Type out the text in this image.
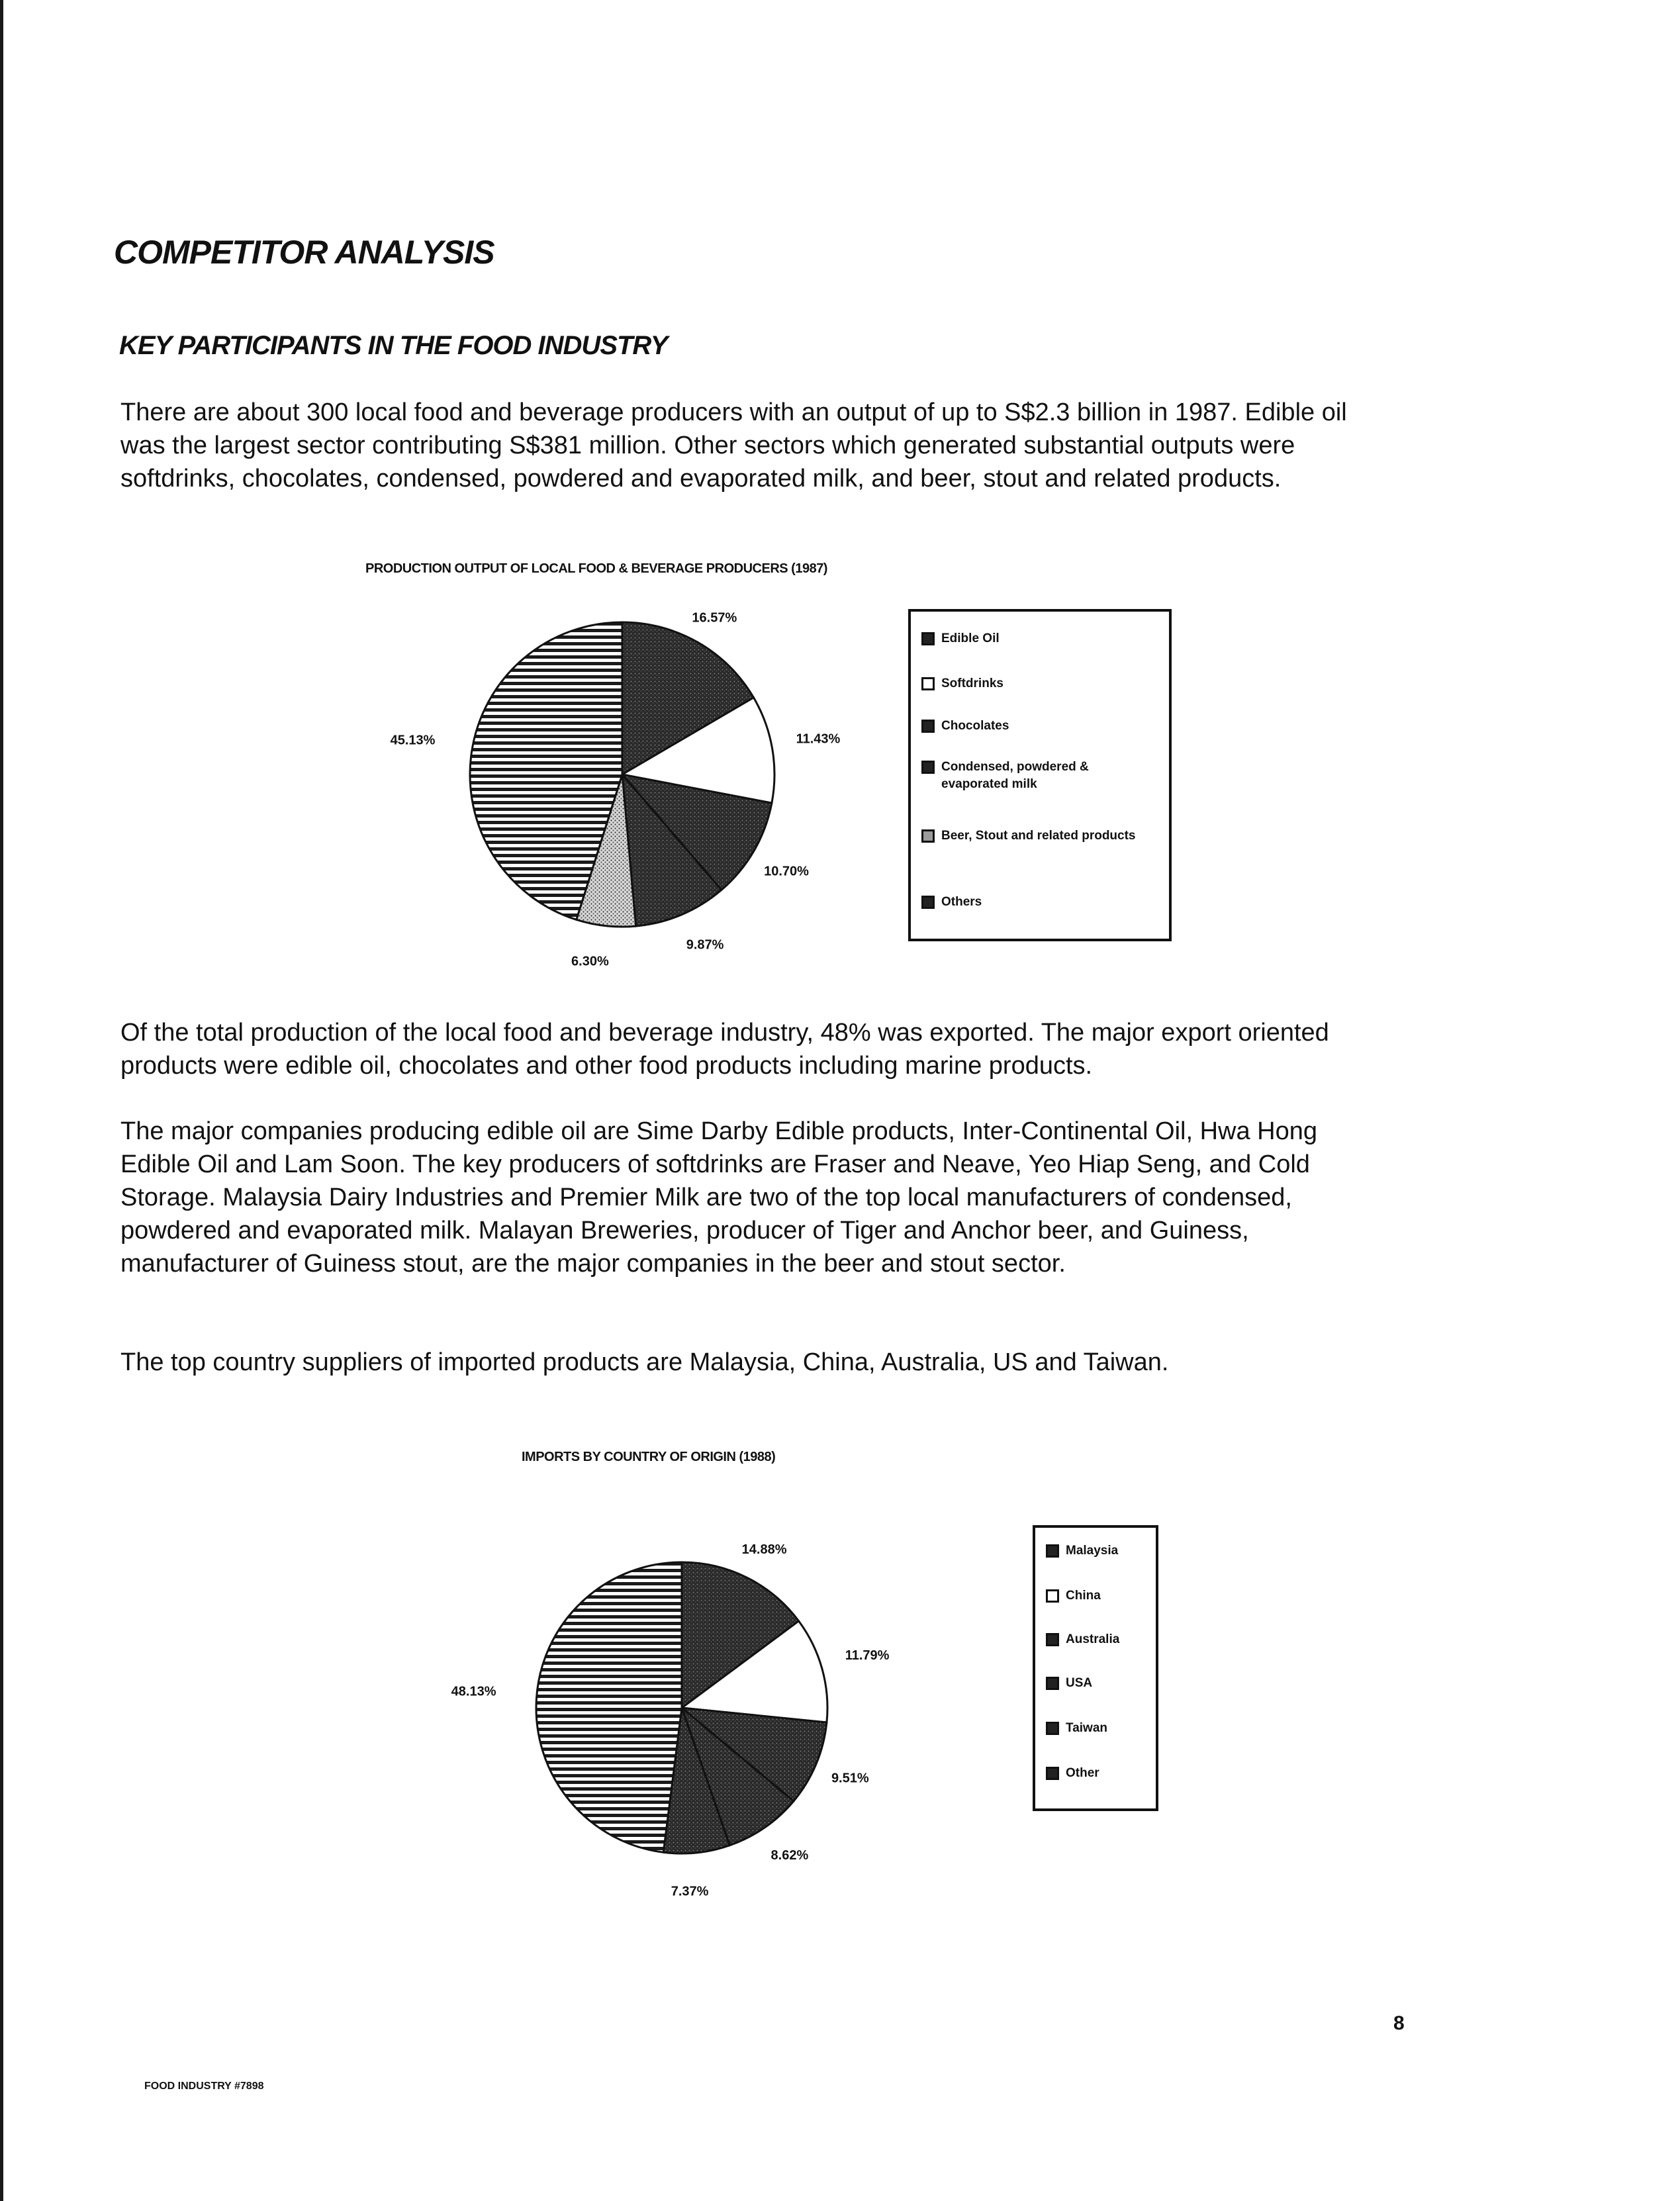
COMPETITOR ANALYSIS
KEY PARTICIPANTS IN THE FOOD INDUSTRY

There are about 300 local food and beverage producers with an output of up to S$2.3 billion in 1987. Edible oil was the largest sector contributing S$381 million. Other sectors which generated substantial outputs were softdrinks, chocolates, condensed, powdered and evaporated milk, and beer, stout and related products.

PRODUCTION OUTPUT OF LOCAL FOOD & BEVERAGE PRODUCERS (1987)
16.57%
11.43%
10.70%
9.87%
6.30%
45.13%
Edible Oil
Softdrinks
Chocolates
Condensed, powdered & evaporated milk
Beer, Stout and related products
Others

Of the total production of the local food and beverage industry, 48% was exported. The major export oriented products were edible oil, chocolates and other food products including marine products.

The major companies producing edible oil are Sime Darby Edible products, Inter-Continental Oil, Hwa Hong Edible Oil and Lam Soon. The key producers of softdrinks are Fraser and Neave, Yeo Hiap Seng, and Cold Storage. Malaysia Dairy Industries and Premier Milk are two of the top local manufacturers of condensed, powdered and evaporated milk. Malayan Breweries, producer of Tiger and Anchor beer, and Guiness, manufacturer of Guiness stout, are the major companies in the beer and stout sector.

The top country suppliers of imported products are Malaysia, China, Australia, US and Taiwan.

IMPORTS BY COUNTRY OF ORIGIN (1988)
14.88%
11.79%
9.51%
8.62%
7.37%
48.13%
Malaysia
China
Australia
USA
Taiwan
Other
8
FOOD INDUSTRY #7898
